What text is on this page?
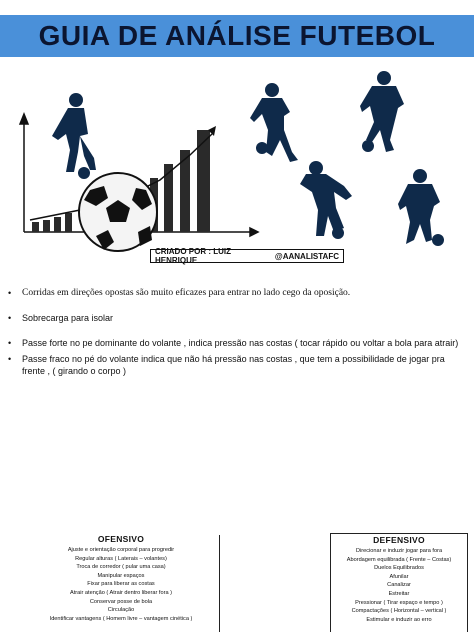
GUIA DE ANÁLISE FUTEBOL
CRIADO POR : LUIZ HENRIQUE	@AANALISTAFC
•	Corridas em direções opostas são muito eficazes para entrar no lado cego da oposição.
•	Sobrecarga para isolar
•	Passe forte no pe dominante do volante , indica pressão nas costas ( tocar rápido ou voltar a bola para atrair)
•	Passe fraco no pé do volante indica que não há pressão nas costas , que tem a possibilidade de jogar pra frente , ( girando o corpo )
OFENSIVO
Ajuste e orientação corporal para progredir
Regular alturas ( Laterais – volantes)
Troca de corredor ( pular uma casa)
Manipular espaços
Fixar para liberar as costas
Atrair atenção ( Atrair dentro liberar fora )
Conservar posse de bola
Circulação
Identificar vantagens ( Homem livre – vantagem cinética )
DEFENSIVO
Direcionar e induzir jogar para fora
Abordagem equilibrada ( Frente – Costas)
Duelos Equilibrados
Afunilar
Canalizar
Estreitar
Pressionar ( Tirar espaço e tempo )
Compactações ( Horizontal – vertical )
Estimular e induzir ao erro
